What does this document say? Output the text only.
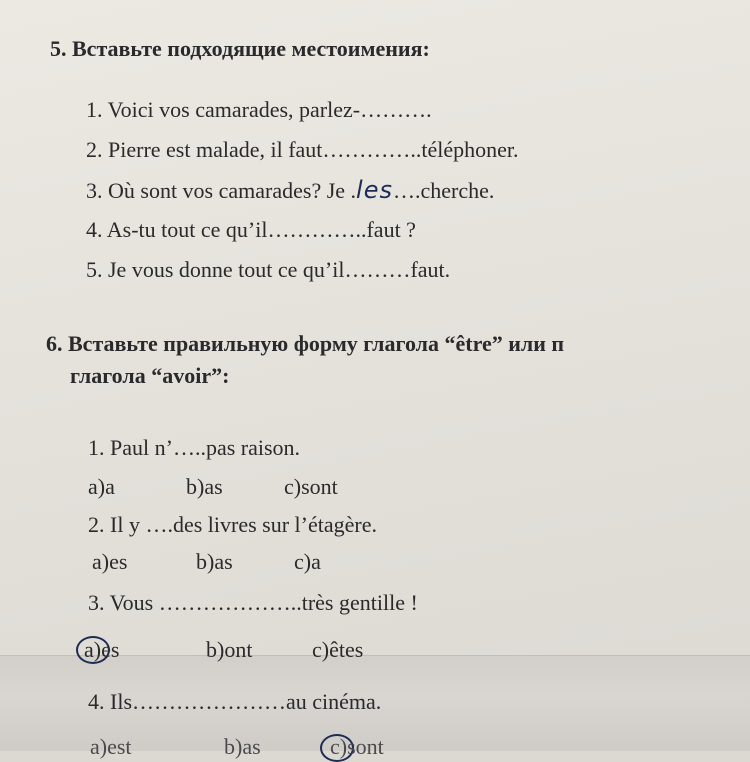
5. Вставьте подходящие местоимения:
1. Voici vos camarades, parlez-……….
2. Pierre est malade, il faut…………..téléphoner.
3. Où sont vos camarades? Je .les….cherche.
4. As-tu tout ce qu’il…………..faut ?
5. Je vous donne tout ce qu’il………faut.
6. Вставьте правильную форму глагола “être” или п
глагола “avoir”:
1. Paul n’…..pas raison.
a)a	b)as	c)sont
2. Il y ….des livres sur l’étagère.
a)es	b)as	c)a
3. Vous ………………..très gentille !
a)es	b)ont	c)êtes
4. Ils…………………au cinéma.
a)est	b)as	c)sont
